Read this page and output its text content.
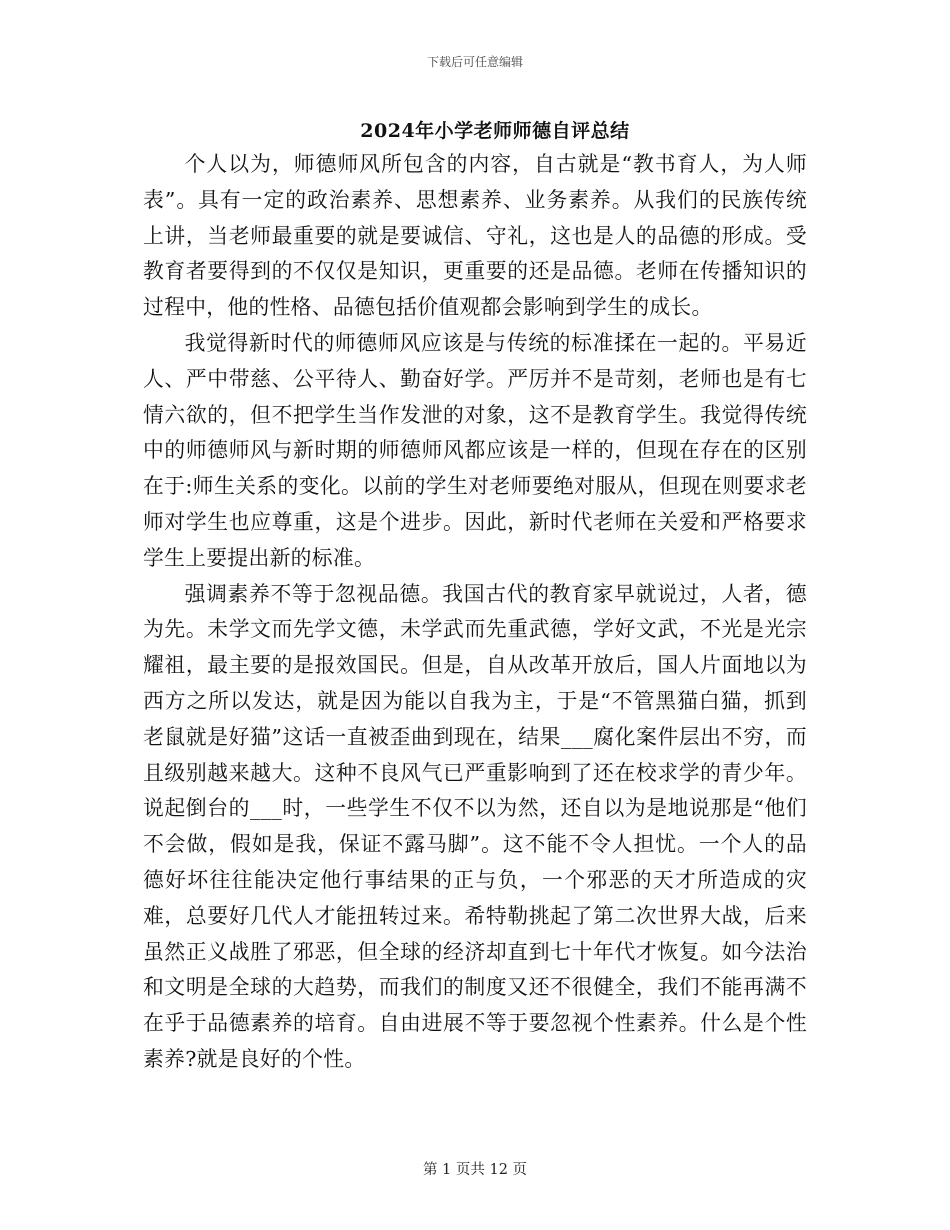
下载后可任意编辑
2024年小学老师师德自评总结

个人以为，师德师风所包含的内容，自古就是“教书育人，为人师表”。具有一定的政治素养、思想素养、业务素养。从我们的民族传统上讲，当老师最重要的就是要诚信、守礼，这也是人的品德的形成。受教育者要得到的不仅仅是知识，更重要的还是品德。老师在传播知识的过程中，他的性格、品德包括价值观都会影响到学生的成长。

我觉得新时代的师德师风应该是与传统的标准揉在一起的。平易近人、严中带慈、公平待人、勤奋好学。严厉并不是苛刻，老师也是有七情六欲的，但不把学生当作发泄的对象，这不是教育学生。我觉得传统中的师德师风与新时期的师德师风都应该是一样的，但现在存在的区别在于:师生关系的变化。以前的学生对老师要绝对服从，但现在则要求老师对学生也应尊重，这是个进步。因此，新时代老师在关爱和严格要求学生上要提出新的标准。

强调素养不等于忽视品德。我国古代的教育家早就说过，人者，德为先。未学文而先学文德，未学武而先重武德，学好文武，不光是光宗耀祖，最主要的是报效国民。但是，自从改革开放后，国人片面地以为西方之所以发达，就是因为能以自我为主，于是“不管黑猫白猫，抓到老鼠就是好猫”这话一直被歪曲到现在，结果___腐化案件层出不穷，而且级别越来越大。这种不良风气已严重影响到了还在校求学的青少年。说起倒台的___时，一些学生不仅不以为然，还自以为是地说那是“他们不会做，假如是我，保证不露马脚”。这不能不令人担忧。一个人的品德好坏往往能决定他行事结果的正与负，一个邪恶的天才所造成的灾难，总要好几代人才能扭转过来。希特勒挑起了第二次世界大战，后来虽然正义战胜了邪恶，但全球的经济却直到七十年代才恢复。如今法治和文明是全球的大趋势，而我们的制度又还不很健全，我们不能再满不在乎于品德素养的培育。自由进展不等于要忽视个性素养。什么是个性素养?就是良好的个性。

第 1 页共 12 页
